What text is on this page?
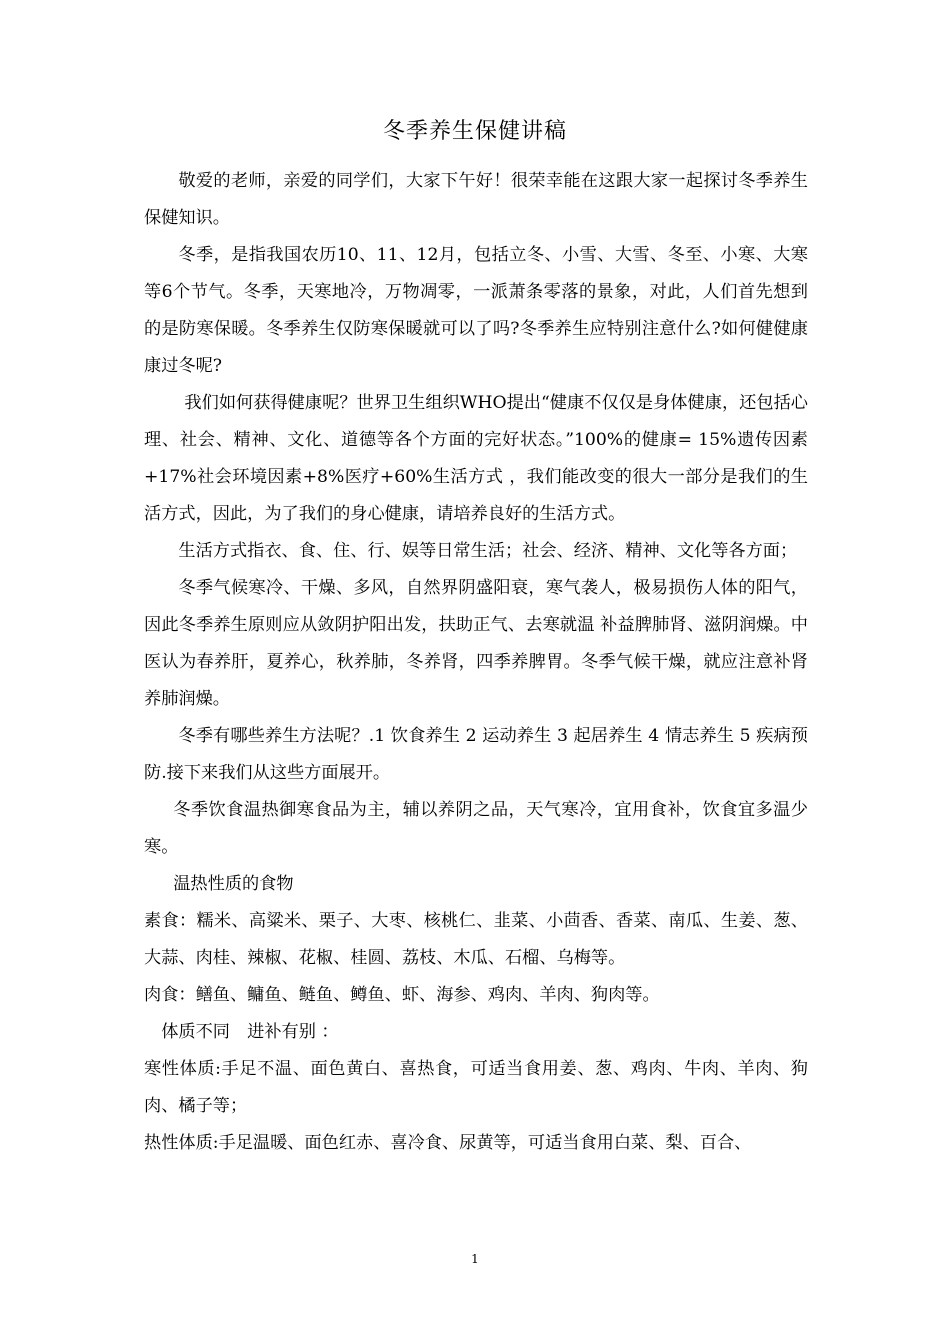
冬季养生保健讲稿

敬爱的老师，亲爱的同学们，大家下午好！很荣幸能在这跟大家一起探讨冬季养生保健知识。

冬季，是指我国农历10、11、12月，包括立冬、小雪、大雪、冬至、小寒、大寒等6个节气。冬季，天寒地冷，万物凋零，一派萧条零落的景象，对此，人们首先想到的是防寒保暖。冬季养生仅防寒保暖就可以了吗?冬季养生应特别注意什么?如何健健康康过冬呢?

我们如何获得健康呢？世界卫生组织WHO提出“健康不仅仅是身体健康，还包括心理、社会、精神、文化、道德等各个方面的完好状态。”100%的健康= 15%遗传因素 +17%社会环境因素+8%医疗+60%生活方式 ，我们能改变的很大一部分是我们的生活方式，因此，为了我们的身心健康，请培养良好的生活方式。

生活方式指衣、食、住、行、娱等日常生活；社会、经济、精神、文化等各方面；

冬季气候寒冷、干燥、多风，自然界阴盛阳衰，寒气袭人，极易损伤人体的阳气，因此冬季养生原则应从敛阴护阳出发，扶助正气、去寒就温 补益脾肺肾、滋阴润燥。中医认为春养肝，夏养心，秋养肺，冬养肾，四季养脾胃。冬季气候干燥，就应注意补肾养肺润燥。

冬季有哪些养生方法呢？.1 饮食养生 2 运动养生 3 起居养生 4 情志养生 5 疾病预防.接下来我们从这些方面展开。

冬季饮食温热御寒食品为主，辅以养阴之品，天气寒冷，宜用食补，饮食宜多温少寒。

温热性质的食物

素食：糯米、高粱米、栗子、大枣、核桃仁、韭菜、小茴香、香菜、南瓜、生姜、葱、大蒜、肉桂、辣椒、花椒、桂圆、荔枝、木瓜、石榴、乌梅等。

肉食：鳝鱼、鳙鱼、鲢鱼、鳟鱼、虾、海参、鸡肉、羊肉、狗肉等。

体质不同　进补有别 ：

寒性体质:手足不温、面色黄白、喜热食，可适当食用姜、葱、鸡肉、牛肉、羊肉、狗肉、橘子等；

热性体质:手足温暖、面色红赤、喜冷食、尿黄等，可适当食用白菜、梨、百合、

1
